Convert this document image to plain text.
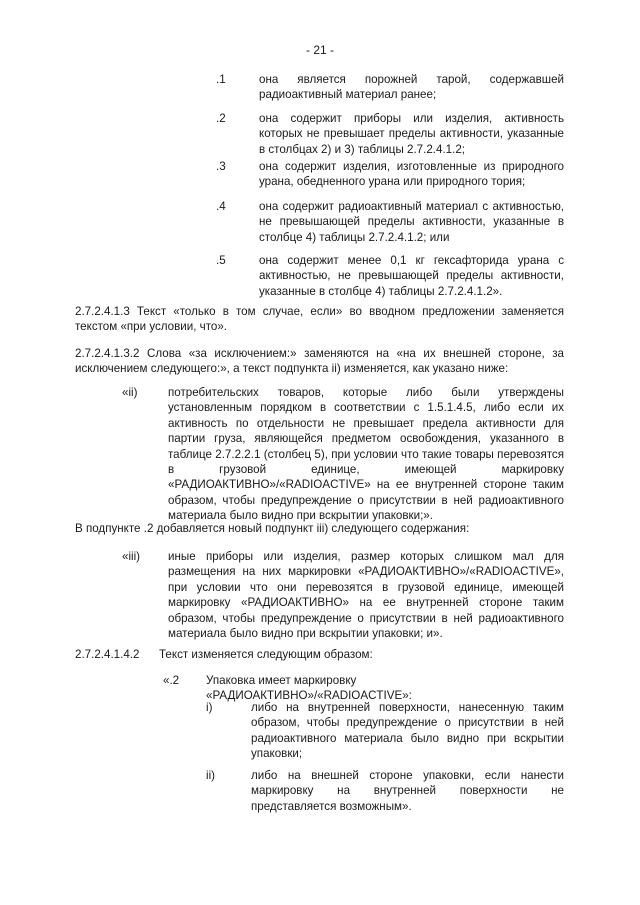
- 21 -
.1	она является порожней тарой, содержавшей радиоактивный материал ранее;

.2	она содержит приборы или изделия, активность которых не превышает пределы активности, указанные в столбцах 2) и 3) таблицы 2.7.2.4.1.2;

.3	она содержит изделия, изготовленные из природного урана, обедненного урана или природного тория;

.4	она содержит радиоактивный материал с активностью, не превышающей пределы активности, указанные в столбце 4) таблицы 2.7.2.4.1.2; или

.5	она содержит менее 0,1 кг гексафторида урана с активностью, не превышающей пределы активности, указанные в столбце 4) таблицы 2.7.2.4.1.2».

2.7.2.4.1.3 Текст «только в том случае, если» во вводном предложении заменяется текстом «при условии, что».

2.7.2.4.1.3.2 Слова «за исключением:» заменяются на «на их внешней стороне, за исключением следующего:», а текст подпункта ii) изменяется, как указано ниже:

«ii)	потребительских товаров, которые либо были утверждены установленным порядком в соответствии с 1.5.1.4.5, либо если их активность по отдельности не превышает предела активности для партии груза, являющейся предметом освобождения, указанного в таблице 2.7.2.2.1 (столбец 5), при условии что такие товары перевозятся в грузовой единице, имеющей маркировку «РАДИОАКТИВНО»/«RADIOACTIVE» на ее внутренней стороне таким образом, чтобы предупреждение о присутствии в ней радиоактивного материала было видно при вскрытии упаковки;».

В подпункте .2 добавляется новый подпункт iii) следующего содержания:

«iii) иные приборы или изделия, размер которых слишком мал для размещения на них маркировки «РАДИОАКТИВНО»/«RADIOACTIVE», при условии что они перевозятся в грузовой единице, имеющей маркировку «РАДИОАКТИВНО» на ее внутренней стороне таким образом, чтобы предупреждение о присутствии в ней радиоактивного материала было видно при вскрытии упаковки; и».

2.7.2.4.1.4.2 Текст изменяется следующим образом:
«.2 Упаковка имеет маркировку «РАДИОАКТИВНО»/«RADIOACTIVE»:

i)	либо на внутренней поверхности, нанесенную таким образом, чтобы предупреждение о присутствии в ней радиоактивного материала было видно при вскрытии упаковки;

ii)	либо на внешней стороне упаковки, если нанести маркировку на внутренней поверхности не представляется возможным».
